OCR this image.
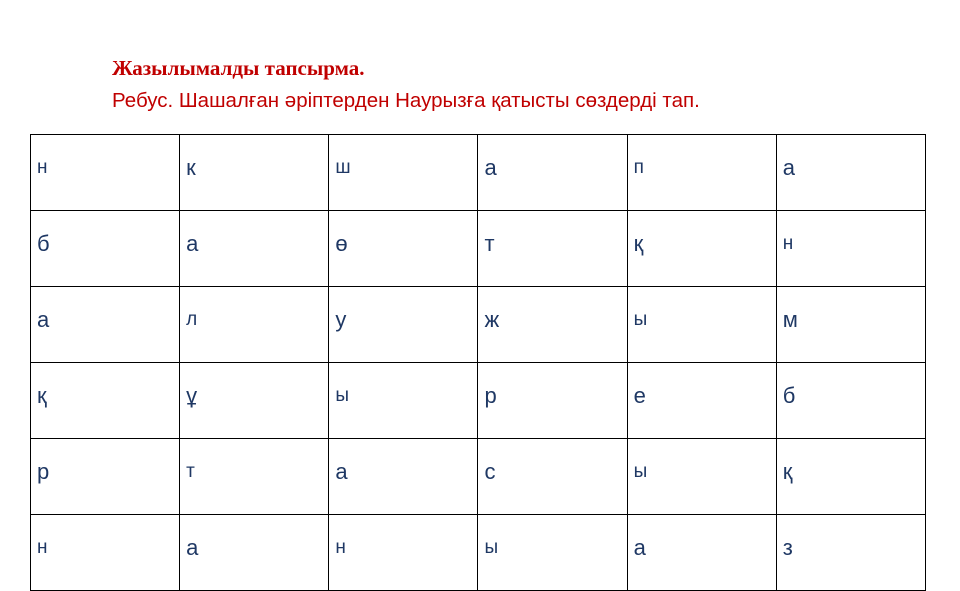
Жазылымалды тапсырма.
Ребус. Шашалған әріптерден Наурызға қатысты сөздерді тап.
н	к	ш	а	п	а
б	а	ө	т	қ	н
а	л	у	ж	ы	м
қ	ұ	ы	р	е	б
р	т	а	с	ы	қ
н	а	н	ы	а	з
